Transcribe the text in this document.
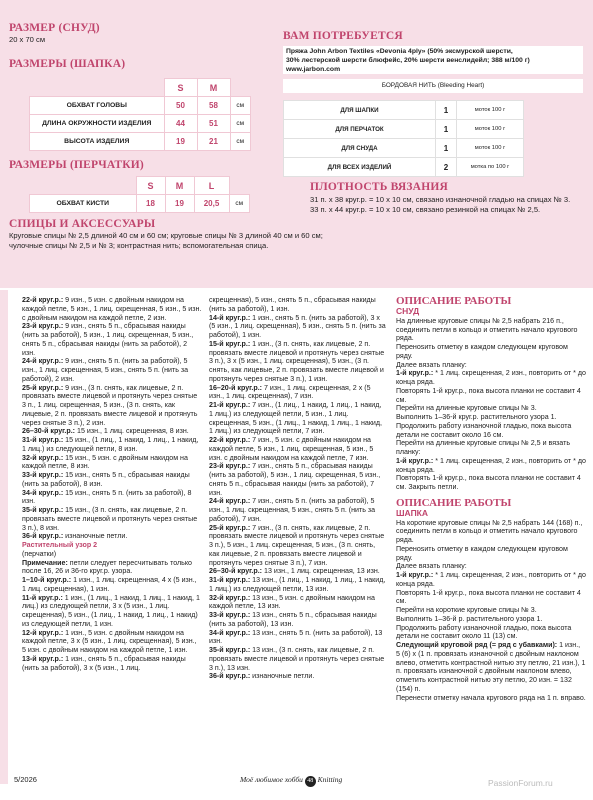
РАЗМЕР (СНУД)
20 х 70 см
РАЗМЕРЫ (ШАПКА)
	S	M	
ОБХВАТ ГОЛОВЫ	50	58	см
ДЛИНА ОКРУЖНОСТИ ИЗДЕЛИЯ	44	51	см
ВЫСОТА ИЗДЕЛИЯ	19	21	см
РАЗМЕРЫ (ПЕРЧАТКИ)
	S	M	L	
ОБХВАТ КИСТИ	18	19	20,5	см
СПИЦЫ И АКСЕССУАРЫ
Круговые спицы № 2,5 длиной 40 см и 60 см; круговые спицы № 3 длиной 40 см и 60 см;
чулочные спицы № 2,5 и № 3; контрастная нить; вспомогательная спица.
ВАМ ПОТРЕБУЕТСЯ
Пряжа John Arbon Textiles «Devonia 4ply» (50% эксмурской шерсти,
30% лестерской шерсти блюфейс, 20% шерсти венслидейл; 388 м/100 г)
www.jarbon.com
БОРДОВАЯ НИТЬ (Bleeding Heart)
ДЛЯ ШАПКИ	1	моток 100 г
ДЛЯ ПЕРЧАТОК	1	моток 100 г
ДЛЯ СНУДА	1	моток 100 г
ДЛЯ ВСЕХ ИЗДЕЛИЙ	2	мотка по 100 г
ПЛОТНОСТЬ ВЯЗАНИЯ
31 п. х 38 круг.р. = 10 х 10 см, связано изнаночной гладью на спицах № 3.
33 п. х 44 круг.р. = 10 х 10 см, связано резинкой на спицах № 2,5.

22-й круг.р.: 9 изн., 5 изн. с двойным накидом на каждой петле, 5 изн., 1 лиц. скрещенная, 5 изн., 5 изн. с двойным накидом на каждой петле, 2 изн.

23-й круг.р.: 9 изн., снять 5 п., сбрасывая накиды (нить за работой), 5 изн., 1 лиц. скрещенная, 5 изн., снять 5 п., сбрасывая накиды (нить за работой), 2 изн.

24-й круг.р.: 9 изн., снять 5 п. (нить за работой), 5 изн., 1 лиц. скрещенная, 5 изн., снять 5 п. (нить за работой), 2 изн.

25-й круг.р.: 9 изн., (3 п. снять, как лицевые, 2 п. провязать вместе лицевой и протянуть через снятые 3 п., 1 лиц. скрещенная, 5 изн., (3 п. снять, как лицевые, 2 п. провязать вместе лицевой и протянуть через снятые 3 п.), 2 изн.

26–30-й круг.р.: 15 изн., 1 лиц. скрещенная, 8 изн.

31-й круг.р.: 15 изн., (1 лиц., 1 накид, 1 лиц., 1 накид, 1 лиц.) из следующей петли, 8 изн.

32-й круг.р.: 15 изн., 5 изн. с двойным накидом на каждой петле, 8 изн.

33-й круг.р.: 15 изн., снять 5 п., сбрасывая накиды (нить за работой), 8 изн.

34-й круг.р.: 15 изн., снять 5 п. (нить за работой), 8 изн.

35-й круг.р.: 15 изн., (3 п. снять, как лицевые, 2 п. провязать вместе лицевой и протянуть через снятые 3 п.), 8 изн.

36-й круг.р.: изнаночные петли.

Растительный узор 2
(перчатки)

Примечание: петли следует пересчитывать только после 16, 26 и 36-го круг.р. узора.

1–10-й круг.р.: 1 изн., 1 лиц. скрещенная, 4 х (5 изн., 1 лиц. скрещенная), 1 изн.

11-й круг.р.: 1 изн., (1 лиц., 1 накид, 1 лиц., 1 накид, 1 лиц.) из следующей петли, 3 х (5 изн., 1 лиц. скрещенная), 5 изн., (1 лиц., 1 накид, 1 лиц., 1 накид) из следующей петли, 1 изн.

12-й круг.р.: 1 изн., 5 изн. с двойным накидом на каждой петле, 3 х (5 изн., 1 лиц. скрещенная), 5 изн., 5 изн. с двойным накидом на каждой петле, 1 изн.

13-й круг.р.: 1 изн., снять 5 п., сбрасывая накиды (нить за работой), 3 х (5 изн., 1 лиц.

скрещенная), 5 изн., снять 5 п., сбрасывая накиды (нить за работой), 1 изн.

14-й круг.р.: 1 изн., снять 5 п. (нить за работой), 3 х (5 изн., 1 лиц. скрещенная), 5 изн., снять 5 п. (нить за работой), 1 изн.

15-й круг.р.: 1 изн., (3 п. снять, как лицевые, 2 п. провязать вместе лицевой и протянуть через снятые 3 п.), 3 х (5 изн., 1 лиц. скрещенная), 5 изн., (3 п. снять, как лицевые, 2 п. провязать вместе лицевой и протянуть через снятые 3 п.), 1 изн.

16–20-й круг.р.: 7 изн., 1 лиц. скрещенная, 2 х (5 изн., 1 лиц. скрещенная), 7 изн.

21-й круг.р.: 7 изн., (1 лиц., 1 накид, 1 лиц., 1 накид, 1 лиц.) из следующей петли, 5 изн., 1 лиц. скрещенная, 5 изн., (1 лиц., 1 накид, 1 лиц., 1 накид, 1 лиц.) из следующей петли, 7 изн.

22-й круг.р.: 7 изн., 5 изн. с двойным накидом на каждой петле, 5 изн., 1 лиц. скрещенная, 5 изн., 5 изн. с двойным накидом на каждой петле, 7 изн.

23-й круг.р.: 7 изн., снять 5 п., сбрасывая накиды (нить за работой), 5 изн., 1 лиц. скрещенная, 5 изн., снять 5 п., сбрасывая накиды (нить за работой), 7 изн.

24-й круг.р.: 7 изн., снять 5 п. (нить за работой), 5 изн., 1 лиц. скрещенная, 5 изн., снять 5 п. (нить за работой), 7 изн.

25-й круг.р.: 7 изн., (3 п. снять, как лицевые, 2 п. провязать вместе лицевой и протянуть через снятые 3 п.), 5 изн., 1 лиц. скрещенная, 5 изн., (3 п. снять, как лицевые, 2 п. провязать вместе лицевой и протянуть через снятые 3 п.), 7 изн.

26–30-й круг.р.: 13 изн., 1 лиц. скрещенная, 13 изн.

31-й круг.р.: 13 изн., (1 лиц., 1 накид, 1 лиц., 1 накид, 1 лиц.) из следующей петли, 13 изн.

32-й круг.р.: 13 изн., 5 изн. с двойным накидом на каждой петле, 13 изн.

33-й круг.р.: 13 изн., снять 5 п., сбрасывая накиды (нить за работой), 13 изн.

34-й круг.р.: 13 изн., снять 5 п. (нить за работой), 13 изн.

35-й круг.р.: 13 изн., (3 п. снять, как лицевые, 2 п. провязать вместе лицевой и протянуть через снятые 3 п.), 13 изн.

36-й круг.р.: изнаночные петли.

ОПИСАНИЕ РАБОТЫ

СНУД

На длинные круговые спицы № 2,5 набрать 216 п., соединить петли в кольцо и отметить начало кругового ряда.

Перенosить отметку в каждом следующем круговом ряду.

Далее вязать планку:

1-й круг.р.: * 1 лиц. скрещенная, 2 изн., повторить от * до конца ряда.

Повторять 1-й круг.р., пока высота планки не составит 4 см.

Перейти на длинные круговые спицы № 3.

Выполнить 1–36-й круг.р. растительного узора 1.

Продолжить работу изнаночной гладью, пока высота детали не составит около 16 см.

Перейти на длинные круговые спицы № 2,5 и вязать планку:

1-й круг.р.: * 1 лиц. скрещенная, 2 изн., повторить от * до конца ряда.

Повторять 1-й круг.р., пока высота планки не составит 4 см. Закрыть петли.

ОПИСАНИЕ РАБОТЫ

ШАПКА

На короткие круговые спицы № 2,5 набрать 144 (168) п., соединить петли в кольцо и отметить начало кругового ряда.

Перенosить отметку в каждом следующем круговом ряду.

Далее вязать планку:

1-й круг.р.: * 1 лиц. скрещенная, 2 изн., повторить от * до конца ряда.

Повторять 1-й круг.р., пока высота планки не составит 4 см.

Перейти на короткие круговые спицы № 3.

Выполнить 1–36-й р. растительного узора 1.

Продолжить работу изнаночной гладью, пока высота детали не составит около 11 (13) см.

Следующий круговой ряд (= ряд с убавками): 1 изн., 5 (6) х (1 п. провязать изнаночной с двойным наклоном влево, отметить контрастной нитью эту петлю, 21 изн.), 1 п. провязать изнаночной с двойным наклоном влево, отметить контрастной нитью эту петлю, 20 изн. = 132 (154) п.

Перенести отметку начала кругового ряда на 1 п. вправо.

5/2026	Моё любимое хобби 48 Knitting	PassionForum.ru
